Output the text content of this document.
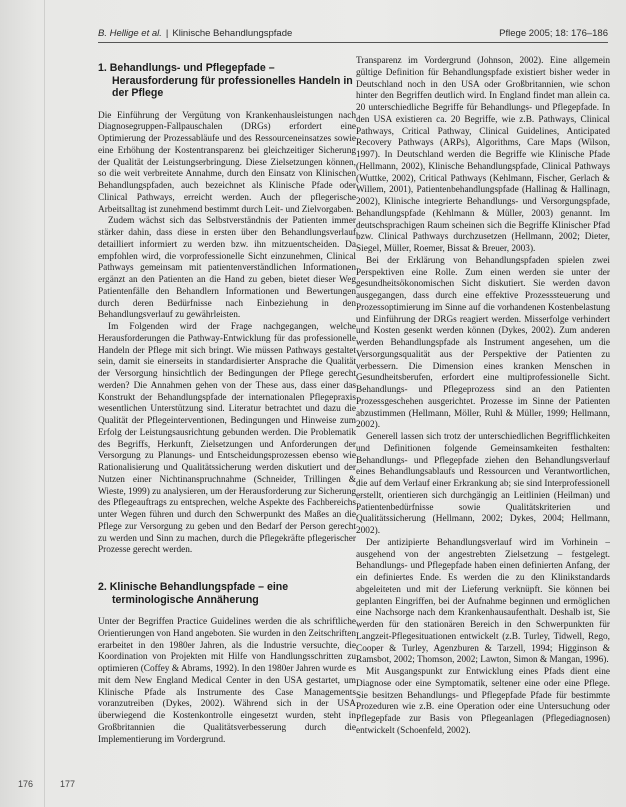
B. Hellige et al. | Klinische Behandlungspfade	Pflege 2005; 18: 176–186
1. Behandlungs- und Pflegepfade – Herausforderung für professionelles Handeln in der Pflege

Die Einführung der Vergütung von Krankenhausleistungen nach Diagnosegruppen-Fallpauschalen (DRGs) erfordert eine Optimierung der Prozessabläufe und des Ressourceneinsatzes sowie eine Erhöhung der Kostentransparenz bei gleichzeitiger Sicherung der Qualität der Leistungserbringung. Diese Zielsetzungen können, so die weit verbreitete Annahme, durch den Einsatz von Klinischen Behandlungspfaden, auch bezeichnet als Klinische Pfade oder Clinical Pathways, erreicht werden. Auch der pflegerische Arbeitsalltag ist zunehmend bestimmt durch Leit- und Zielvorgaben.

Zudem wächst sich das Selbstverständnis der Patienten immer stärker dahin, dass diese in ersten über den Behandlungsverlauf detailliert informiert zu werden bzw. ihn mitzuentscheiden. Da empfohlen wird, die vorprofessionelle Sicht einzunehmen, Clinical Pathways gemeinsam mit patientenverständlichen Informationen ergänzt an den Patienten an die Hand zu geben, bietet dieser Weg Patientenfälle den Behandlern Informationen und Bewertungen durch deren Bedürfnisse nach Einbeziehung in den Behandlungsverlauf zu gewährleisten.

Im Folgenden wird der Frage nachgegangen, welche Herausforderungen die Pathway-Entwicklung für das professionelle Handeln der Pflege mit sich bringt. Wie müssen Pathways gestaltet sein, damit sie einerseits in standardisierter Ansprache die Qualität der Versorgung hinsichtlich der Bedingungen der Pflege gerecht werden? Die Annahmen gehen von der These aus, dass einer das Konstrukt der Behandlungspfade der internationalen Pflegepraxis wesentlichen Unterstützung sind. Literatur betrachtet und dazu die Qualität der Pflegeinterventionen, Bedingungen und Hinweise zum Erfolg der Leistungsausrichtung gebunden werden. Die Problematik des Begriffs, Herkunft, Zielsetzungen und Anforderungen der Versorgung zu Planungs- und Entscheidungsprozessen ebenso wie Rationalisierung und Qualitätssicherung werden diskutiert und der Nutzen einer Nichtinanspruchnahme (Schneider, Trillingen & Wieste, 1999) zu analysieren, um der Herausforderung zur Sicherung des Pflegeauftrags zu entsprechen, welche Aspekte des Fachbereichs unter Wegen führen und durch den Schwerpunkt des Maßes an die Pflege zur Versorgung zu geben und den Bedarf der Person gerecht zu werden und Sinn zu machen, durch die Pflegekräfte pflegerischer Prozesse gerecht werden.

2. Klinische Behandlungspfade – eine terminologische Annäherung

Unter der Begriffen Practice Guidelines werden die als schriftliche Orientierungen von Hand angeboten. Sie wurden in den Zeitschriften erarbeitet in den 1980er Jahren, als die Industrie versuchte, die Koordination von Projekten mit Hilfe von Handlungsschritten zu optimieren (Coffey & Abrams, 1992). In den 1980er Jahren wurde es mit dem New England Medical Center in den USA gestartet, um Klinische Pfade als Instrumente des Case Managements voranzutreiben (Dykes, 2002). Während sich in der USA überwiegend die Kostenkontrolle eingesetzt wurden, steht in Großbritannien die Qualitätsverbesserung durch die Implementierung im Vordergrund.

Transparenz im Vordergrund (Johnson, 2002). Eine allgemein gültige Definition für Behandlungspfade existiert bisher weder in Deutschland noch in den USA oder Großbritannien, wie schon hinter den Begriffen deutlich wird. In England findet man allein ca. 20 unterschiedliche Begriffe für Behandlungs- und Pflegepfade. In den USA existieren ca. 20 Begriffe, wie z.B. Pathways, Clinical Pathways, Critical Pathway, Clinical Guidelines, Anticipated Recovery Pathways (ARPs), Algorithms, Care Maps (Wilson, 1997). In Deutschland werden die Begriffe wie Klinische Pfade (Hellmann, 2002), Klinische Behandlungspfade, Clinical Pathways (Wuttke, 2002), Critical Pathways (Kehlmann, Fischer, Gerlach & Willem, 2001), Patientenbehandlungspfade (Hallinag & Hallinagn, 2002), Klinische integrierte Behandlungs- und Versorgungspfade, Behandlungspfade (Kehlmann & Müller, 2003) genannt. Im deutschsprachigen Raum scheinen sich die Begriffe Klinischer Pfad bzw. Clinical Pathways durchzusetzen (Hellmann, 2002; Dieter, Siegel, Müller, Roemer, Bissat & Breuer, 2003).

Bei der Erklärung von Behandlungspfaden spielen zwei Perspektiven eine Rolle. Zum einen werden sie unter der gesundheitsökonomischen Sicht diskutiert. Sie werden davon ausgegangen, dass durch eine effektive Prozesssteuerung und Prozessoptimierung im Sinne auf die vorhandenen Kostenbelastung und Einführung der DRGs reagiert werden. Misserfolge verhindert und Kosten gesenkt werden können (Dykes, 2002). Zum anderen werden Behandlungspfade als Instrument angesehen, um die Versorgungsqualität aus der Perspektive der Patienten zu verbessern. Die Dimension eines kranken Menschen in Gesundheitsberufen, erfordert eine multiprofessionelle Sicht. Behandlungs- und Pflegeprozess sind an den Patienten Prozessgeschehen ausgerichtet. Prozesse im Sinne der Patienten abzustimmen (Hellmann, Möller, Ruhl & Müller, 1999; Hellmann, 2002).

Generell lassen sich trotz der unterschiedlichen Begrifflichkeiten und Definitionen folgende Gemeinsamkeiten festhalten: Behandlungs- und Pflegepfade ziehen den Behandlungsverlauf eines Behandlungsablaufs und Ressourcen und Verantwortlichen, die auf dem Verlauf einer Erkrankung ab; sie sind Interprofessionell erstellt, orientieren sich durchgängig an Leitlinien (Heilman) und Patientenbedürfnisse sowie Qualitätskriterien und Qualitätssicherung (Hellmann, 2002; Dykes, 2004; Hellmann, 2002).

Der antizipierte Behandlungsverlauf wird im Vorhinein – ausgehend von der angestrebten Zielsetzung – festgelegt. Behandlungs- und Pflegepfade haben einen definierten Anfang, der ein definiertes Ende. Es werden die zu den Klinikstandards abgeleiteten und mit der Lieferung verknüpft. Sie können bei geplanten Eingriffen, bei der Aufnahme beginnen und ermöglichen eine Nachsorge nach dem Krankenhausaufenthalt. Deshalb ist, Sie werden für den stationären Bereich in den Schwerpunkten für Langzeit-Pflegesituationen entwickelt (z.B. Turley, Tidwell, Rego, Cooper & Turley, Agenzburen & Tarzell, 1994; Higginson & Ramsbot, 2002; Thomson, 2002; Lawton, Simon & Mangan, 1996).

Mit Ausgangspunkt zur Entwicklung eines Pfads dient eine Diagnose oder eine Symptomatik, seltener eine oder eine Pflege. Sie besitzen Behandlungs- und Pflegepfade Pfade für bestimmte Prozeduren wie z.B. eine Operation oder eine Untersuchung oder Pflegepfade zur Basis von Pflegeanlagen (Pflegediagnosen) entwickelt (Schoenfeld, 2002).

176	177
